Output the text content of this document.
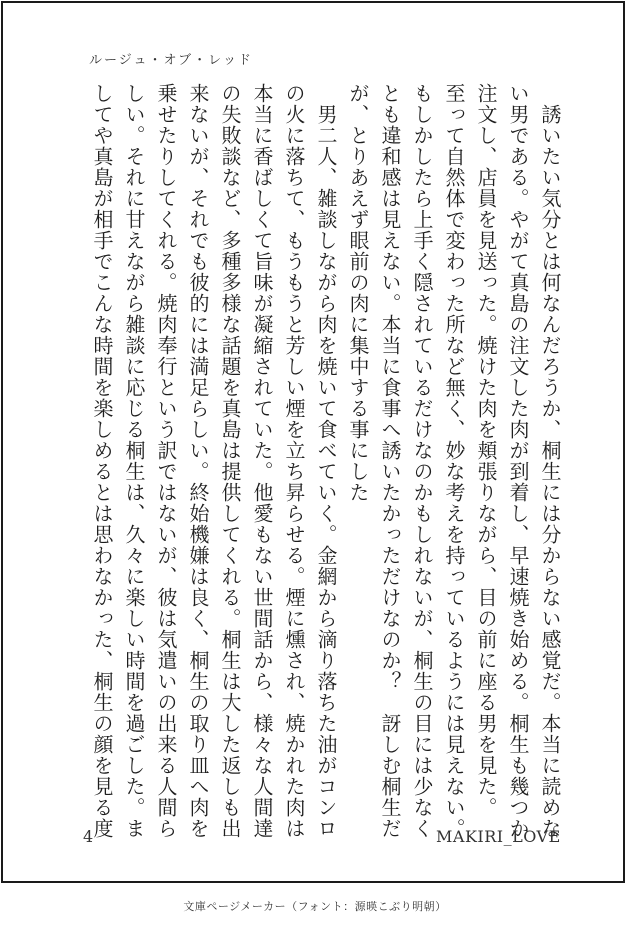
ルージュ・オブ・レッド
　誘いたい気分とは何なんだろうか、桐生には分からない感覚だ。本当に読めな
い男である。やがて真島の注文した肉が到着し、早速焼き始める。桐生も幾つか
注文し、店員を見送った。焼けた肉を頬張りながら、目の前に座る男を見た。
至って自然体で変わった所など無く、妙な考えを持っているようには見えない。
もしかしたら上手く隠されているだけなのかもしれないが、桐生の目には少なく
とも違和感は見えない。本当に食事へ誘いたかっただけなのか？　訝しむ桐生だ
が、とりあえず眼前の肉に集中する事にした
　男二人、雑談しながら肉を焼いて食べていく。金網から滴り落ちた油がコンロ
の火に落ちて、もうもうと芳しい煙を立ち昇らせる。煙に燻され、焼かれた肉は
本当に香ばしくて旨味が凝縮されていた。他愛もない世間話から、様々な人間達
の失敗談など、多種多様な話題を真島は提供してくれる。桐生は大した返しも出
来ないが、それでも彼的には満足らしい。終始機嫌は良く、桐生の取り皿へ肉を
乗せたりしてくれる。焼肉奉行という訳ではないが、彼は気遣いの出来る人間ら
しい。それに甘えながら雑談に応じる桐生は、久々に楽しい時間を過ごした。ま
してや真島が相手でこんな時間を楽しめるとは思わなかった、桐生の顔を見る度
4	MAKIRI_LOVE
文庫ページメーカー（フォント：源暎こぶり明朝）
